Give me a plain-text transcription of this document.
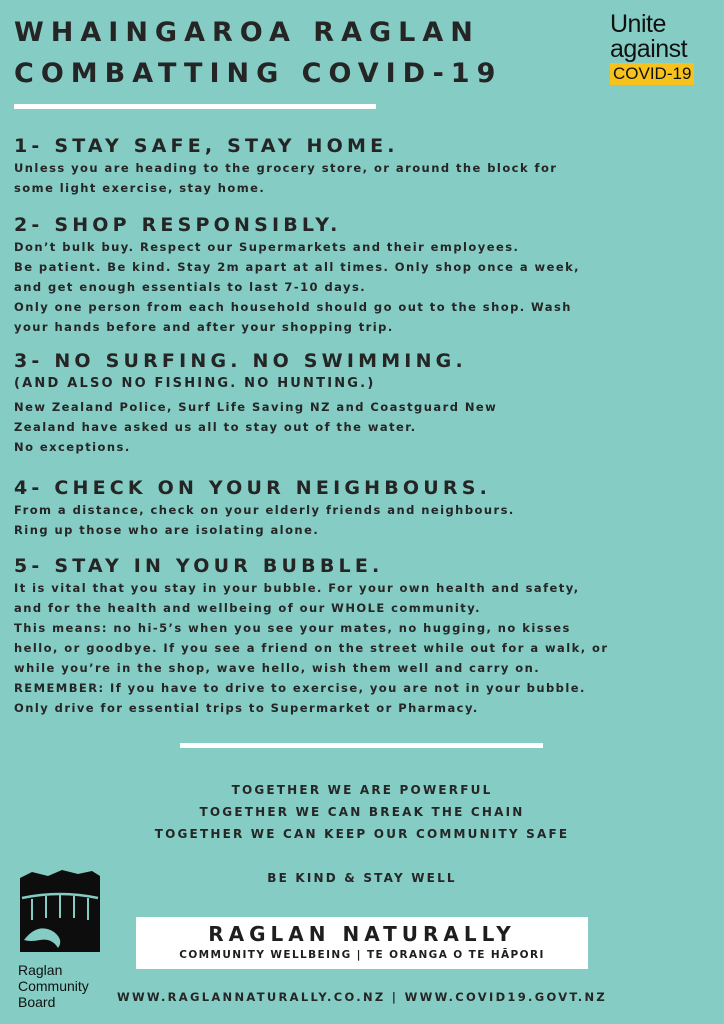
WHAINGAROA RAGLAN
COMBATTING COVID-19
Unite
against
COVID-19
1- STAY SAFE, STAY HOME.

Unless you are heading to the grocery store, or around the block for

some light exercise, stay home.

2- SHOP RESPONSIBLY.

Don’t bulk buy. Respect our Supermarkets and their employees.

Be patient. Be kind. Stay 2m apart at all times. Only shop once a week,

and get enough essentials to last 7-10 days.

Only one person from each household should go out to the shop. Wash

your hands before and after your shopping trip.

3- NO SURFING. NO SWIMMING.
(AND ALSO NO FISHING. NO HUNTING.)

New Zealand Police, Surf Life Saving NZ and Coastguard New

Zealand have asked us all to stay out of the water.

No exceptions.

4- CHECK ON YOUR NEIGHBOURS.

From a distance, check on your elderly friends and neighbours.

Ring up those who are isolating alone.

5- STAY IN YOUR BUBBLE.

It is vital that you stay in your bubble. For your own health and safety,

and for the health and wellbeing of our WHOLE community.

This means: no hi-5’s when you see your mates, no hugging, no kisses

hello, or goodbye. If you see a friend on the street while out for a walk, or

while you’re in the shop, wave hello, wish them well and carry on.

REMEMBER: If you have to drive to exercise, you are not in your bubble.

Only drive for essential trips to Supermarket or Pharmacy.

TOGETHER WE ARE POWERFUL
TOGETHER WE CAN BREAK THE CHAIN
TOGETHER WE CAN KEEP OUR COMMUNITY SAFE
BE KIND & STAY WELL
Raglan
Community
Board
RAGLAN NATURALLY
COMMUNITY WELLBEING | TE ORANGA O TE HĀPORI
WWW.RAGLANNATURALLY.CO.NZ | WWW.COVID19.GOVT.NZ
